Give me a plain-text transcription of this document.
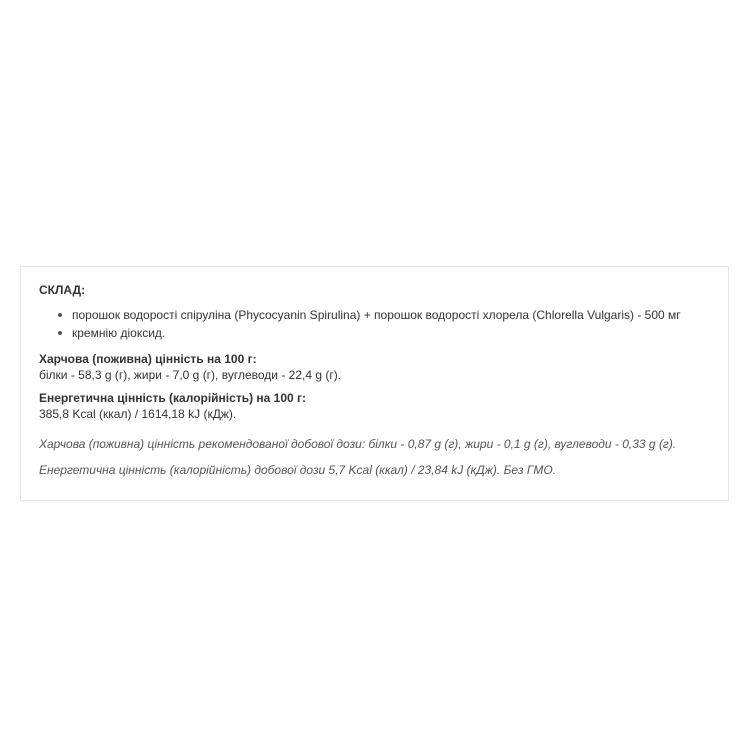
СКЛАД:
порошок водорості спіруліна (Phycocyanin Spirulina) + порошок водорості хлорела (Chlorella Vulgaris) - 500 мг
кремнію діоксид.
Харчова (поживна) цінність на 100 г:
білки - 58,3 g (г), жири - 7,0 g (г), вуглеводи - 22,4 g (г).
Енергетична цінність (калорійність) на 100 г:
385,8 Kcal (ккал) / 1614,18 kJ (кДж).
Харчова (поживна) цінність рекомендованої добової дози: білки - 0,87 g (г), жири - 0,1 g (г), вуглеводи - 0,33 g (г).
Енергетична цінність (калорійність) добової дози 5,7 Kcal (ккал) / 23,84 kJ (кДж). Без ГМО.
